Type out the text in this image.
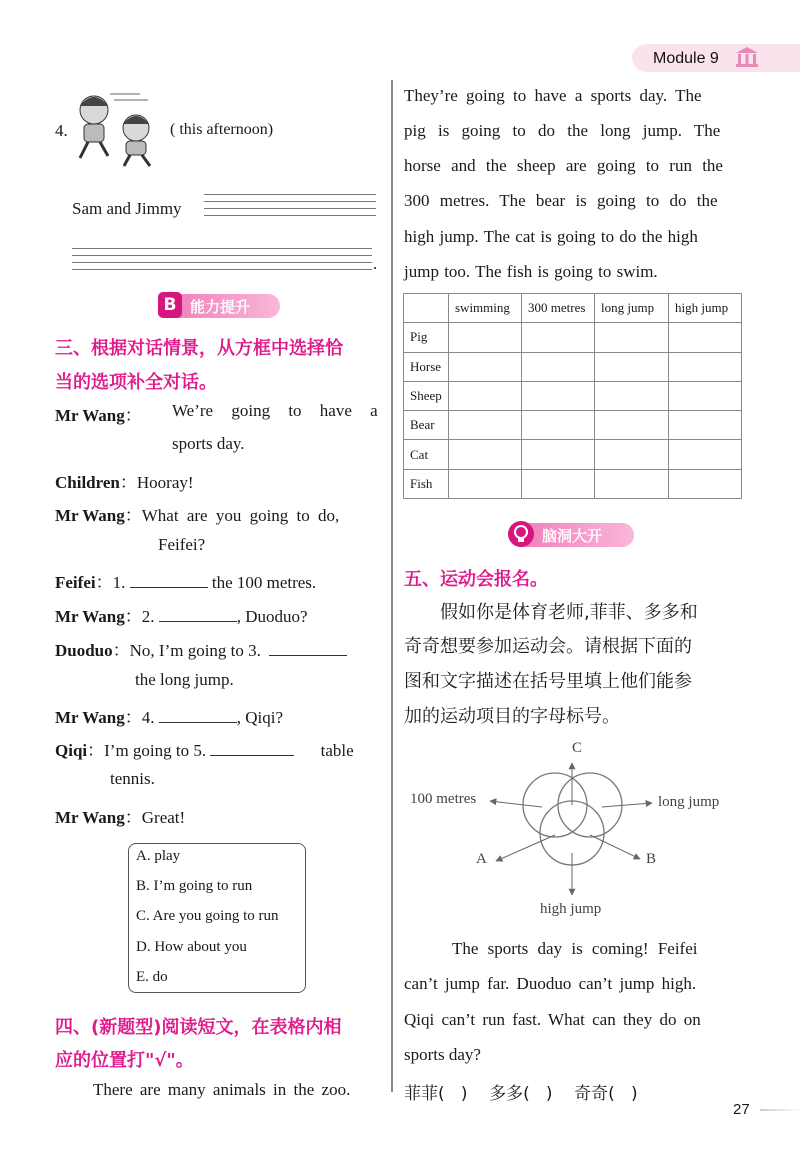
Module 9
4.	( this afternoon)
Sam and Jimmy
.
B 能力提升
三、根据对话情景，从方框中选择恰
当的选项补全对话。
Mr Wang： We’re going to have a
sports day.
Children：Hooray!
Mr Wang：What are you going to do,
Feifei?
Feifei：1.	the 100 metres.
Mr Wang：2.	, Duoduo?
Duoduo：No, I’m going to 3.
the long jump.
Mr Wang：4.	, Qiqi?
Qiqi：I’m going to 5.	table
tennis.
Mr Wang：Great!
A. play
B. I’m going to run
C. Are you going to run
D. How about you
E. do
四、(新题型)阅读短文，在表格内相
应的位置打"√"。
There are many animals in the zoo.
They’re going to have a sports day. The
pig is going to do the long jump. The
horse and the sheep are going to run the
300 metres. The bear is going to do the
high jump. The cat is going to do the high
jump too. The fish is going to swim.
	swimming	300 metres	long jump	high jump
Pig				
Horse				
Sheep				
Bear				
Cat				
Fish				
脑洞大开
五、运动会报名。
假如你是体育老师,菲菲、多多和
奇奇想要参加运动会。请根据下面的
图和文字描述在括号里填上他们能参
加的运动项目的字母标号。
C
100 metres	long jump
A	B
high jump
The sports day is coming! Feifei
can’t jump far. Duoduo can’t jump high.
Qiqi can’t run fast. What can they do on
sports day?
菲菲(   )    多多(   )    奇奇(   )
27
